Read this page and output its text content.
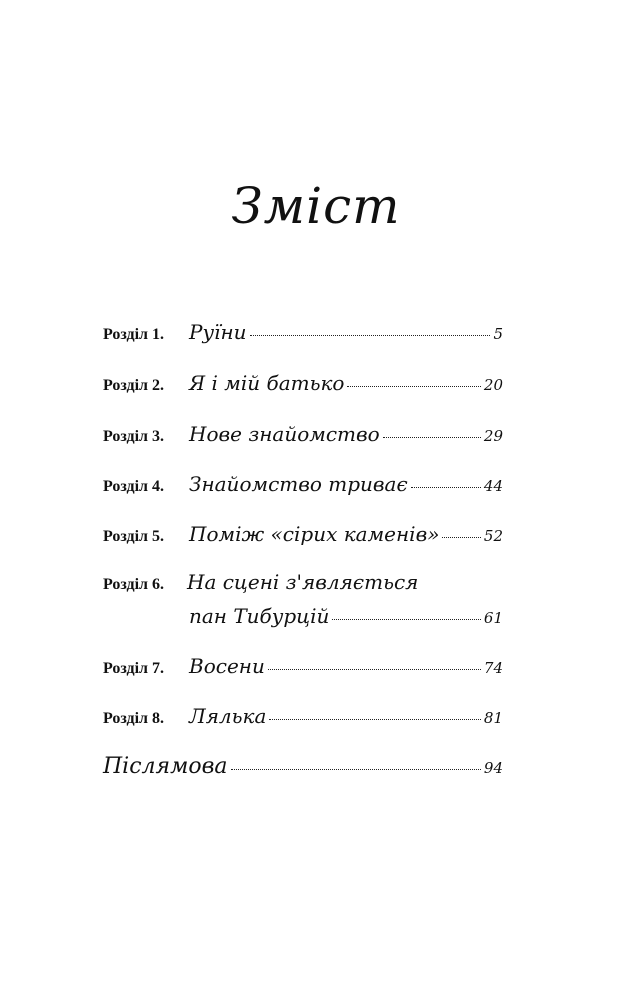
Зміст
Розділ 1.	Руїни	5
Розділ 2.	Я і мій батько	20
Розділ 3.	Нове знайомство	29
Розділ 4.	Знайомство триває	44
Розділ 5.	Поміж «сірих каменів»	52
Розділ 6. На сцені з'являється
пан Тибурцій	61
Розділ 7.	Восени	74
Розділ 8.	Лялька	81
Післямова	94
